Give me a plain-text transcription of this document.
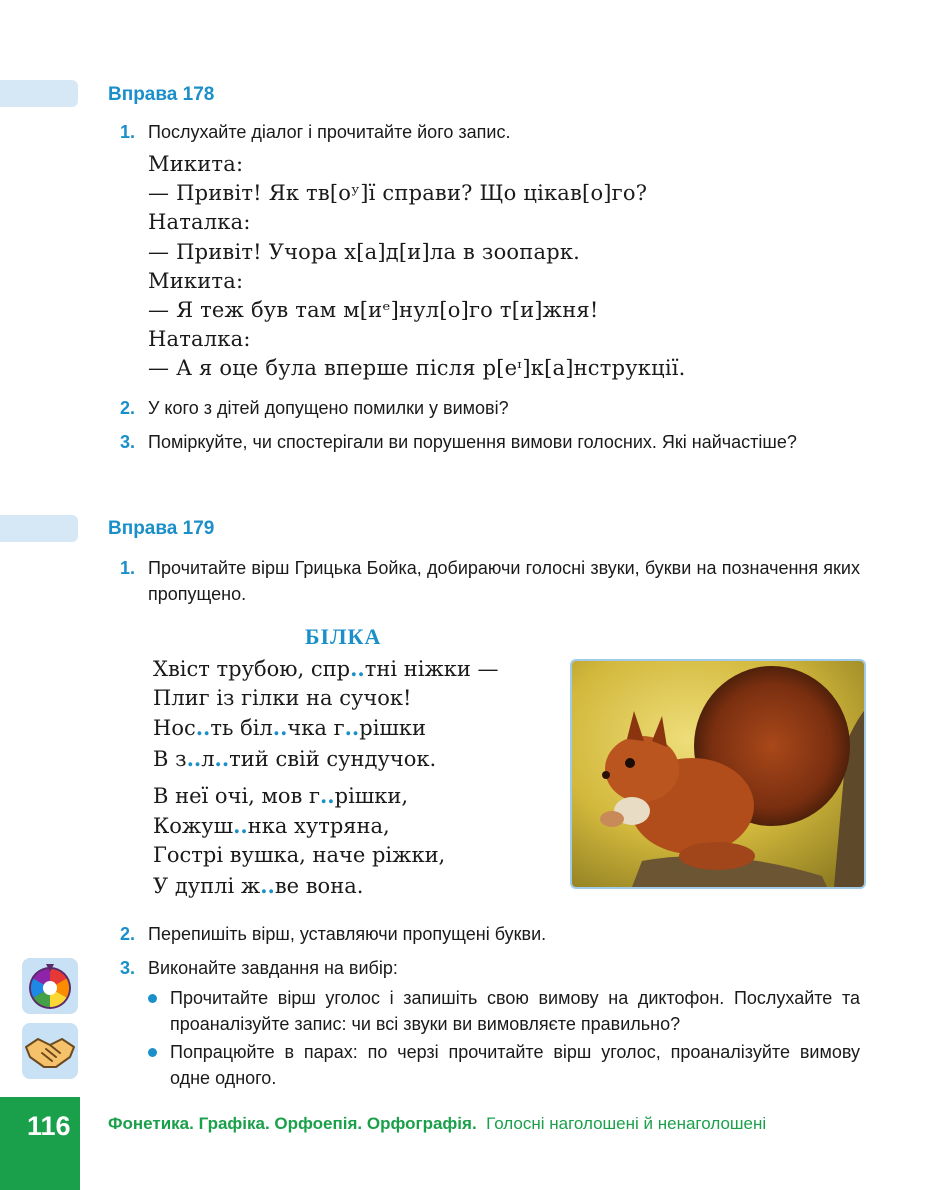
Вправа 178
1. Послухайте діалог і прочитайте його запис.
Микита:
— Привіт! Як тв[оʸ]ї справи? Що цікав[о]го?
Наталка:
— Привіт! Учора х[а]д[и]ла в зоопарк.
Микита:
— Я теж був там м[иᵉ]нул[о]го т[и]жня!
Наталка:
— А я оце була вперше після р[еᶦ]к[а]нструкції.
2. У кого з дітей допущено помилки у вимові?
3. Поміркуйте, чи спостерігали ви порушення вимови голосних. Які найчастіше?
Вправа 179
1. Прочитайте вірш Грицька Бойка, добираючи голосні звуки, букви на позначення яких пропущено.
БІЛКА
Хвіст трубою, спр..тні ніжки —
Плиг із гілки на сучок!
Нос..ть біл..чка г..рішки
В з..л..тий свій сундучок.
В неї очі, мов г..рішки,
Кожуш..нка хутряна,
Гострі вушка, наче ріжки,
У дуплі ж..ве вона.
2. Перепишіть вірш, уставляючи пропущені букви.
3. Виконайте завдання на вибір:
Прочитайте вірш уголос і запишіть свою вимову на диктофон. Послухайте та проаналізуйте запис: чи всі звуки ви вимовляєте правильно?
Попрацюйте в парах: по черзі прочитайте вірш уголос, проаналізуйте вимову одне одного.
116 Фонетика. Графіка. Орфоепія. Орфографія. Голосні наголошені й ненаголошені
